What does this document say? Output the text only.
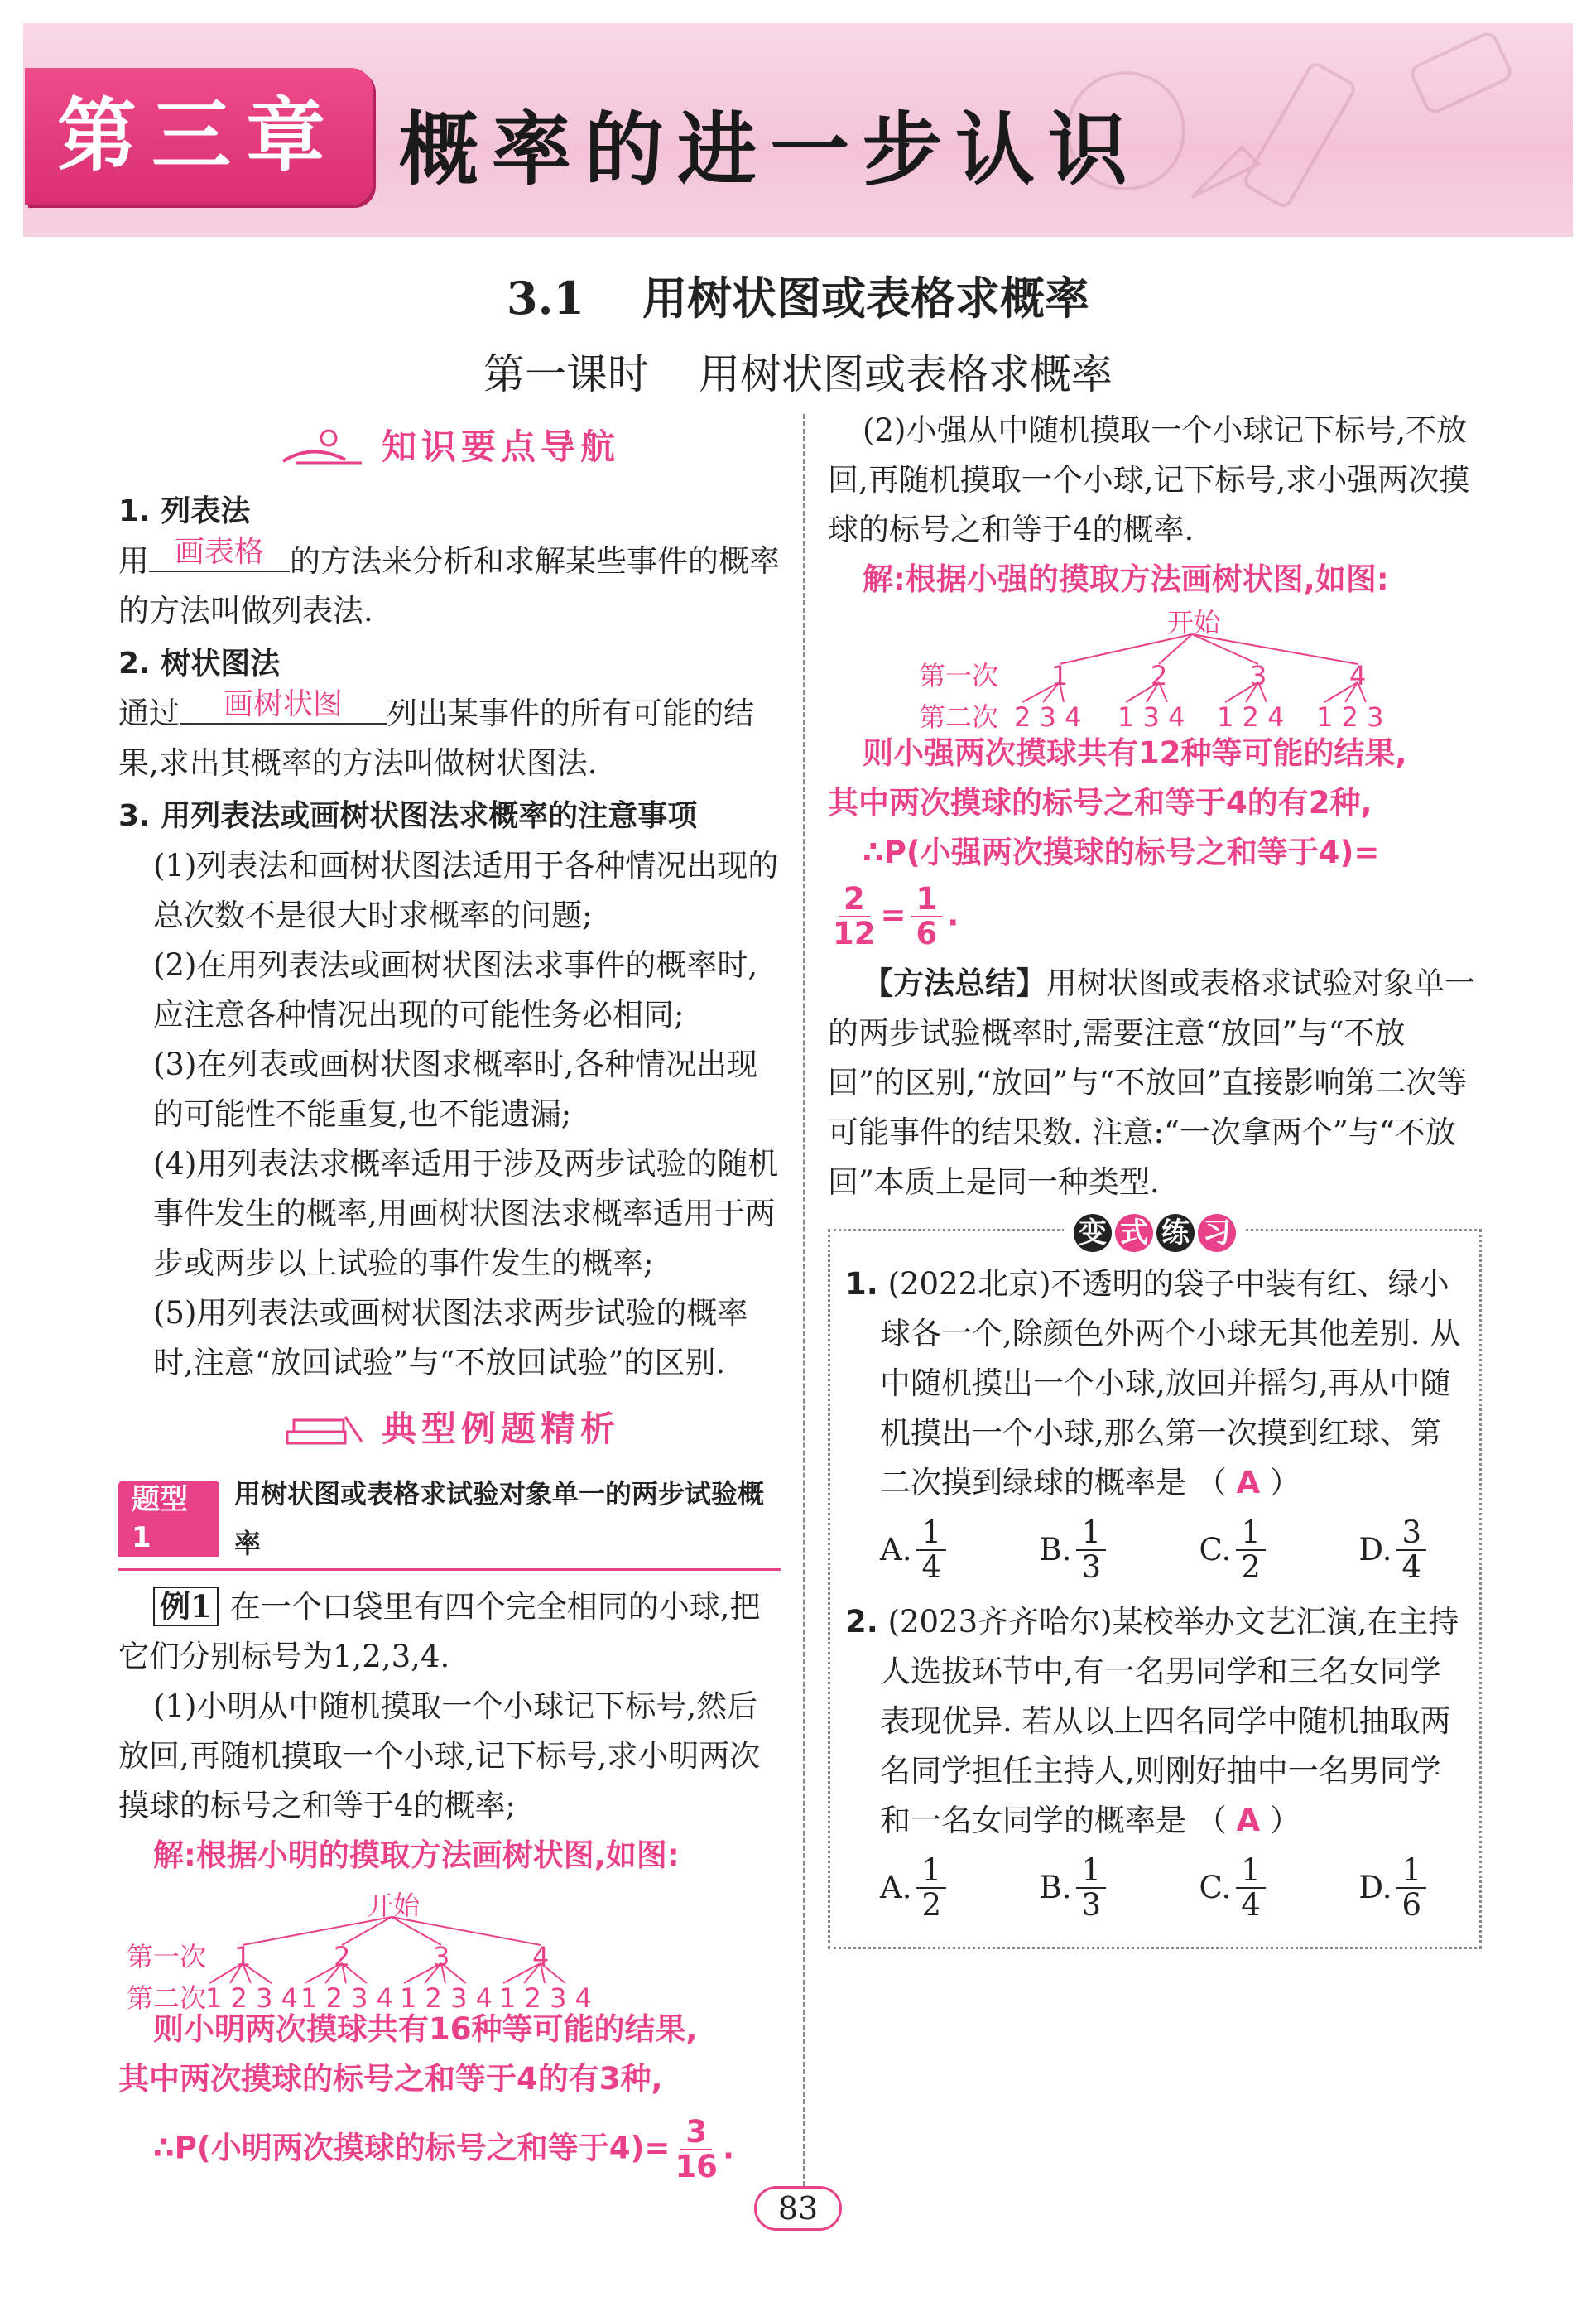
第三章 概率的进一步认识
3.1 用树状图或表格求概率
第一课时 用树状图或表格求概率
知识要点导航
1. 列表法
用 画表格 的方法来分析和求解某些事件的概率的方法叫做列表法.
2. 树状图法
通过 画树状图 列出某事件的所有可能的结果,求出其概率的方法叫做树状图法.
3. 用列表法或画树状图法求概率的注意事项
(1)列表法和画树状图法适用于各种情况出现的总次数不是很大时求概率的问题;
(2)在用列表法或画树状图法求事件的概率时,应注意各种情况出现的可能性务必相同;
(3)在列表或画树状图求概率时,各种情况出现的可能性不能重复,也不能遗漏;
(4)用列表法求概率适用于涉及两步试验的随机事件发生的概率,用画树状图法求概率适用于两步或两步以上试验的事件发生的概率;
(5)用列表法或画树状图法求两步试验的概率时,注意“放回试验”与“不放回试验”的区别.
典型例题精析
题型1
用树状图或表格求试验对象单一的两步试验概率
例1 在一个口袋里有四个完全相同的小球,把它们分别标号为1,2,3,4.
(1)小明从中随机摸取一个小球记下标号,然后放回,再随机摸取一个小球,记下标号,求小明两次摸球的标号之和等于4的概率;
解:根据小明的摸取方法画树状图,如图:
开始
第一次 1	2	3	4
第二次
1 2 3 4 1 2 3 4 1 2 3 4 1 2 3 4
则小明两次摸球共有16种等可能的结果,
其中两次摸球的标号之和等于4的有3种,
∴P(小明两次摸球的标号之和等于$4)= \frac{3}{16}$ .
(2)小强从中随机摸取一个小球记下标号,不放回,再随机摸取一个小球,记下标号,求小强两次摸球的标号之和等于4的概率.
解:根据小强的摸取方法画树状图,如图:
开始
第一次 1	2	3	4
第二次 2 3 4 1 3 4 1 2 4 1 2 3
则小强两次摸球共有12种等可能的结果,
其中两次摸球的标号之和等于4的有2种,
∴P(小强两次摸球的标号之和等于4)=
$\frac{2}{12} = \frac{1}{6}$ .
【方法总结】用树状图或表格求试验对象单一的两步试验概率时,需要注意“放回”与“不放回”的区别,“放回”与“不放回”直接影响第二次等可能事件的结果数. 注意:“一次拿两个”与“不放回”本质上是同一种类型.
变 式 练 习
1. (2022北京)不透明的袋子中装有红、绿小球各一个,除颜色外两个小球无其他差别. 从中随机摸出一个小球,放回并摇匀,再从中随机摸出一个小球,那么第一次摸到红球、第二次摸到绿球的概率是 （ A ）
A. $\frac{1}{4}$	B. $\frac{1}{3}$	C. $\frac{1}{2}$	D. $\frac{3}{4}$
2. (2023齐齐哈尔)某校举办文艺汇演,在主持人选拔环节中,有一名男同学和三名女同学表现优异. 若从以上四名同学中随机抽取两名同学担任主持人,则刚好抽中一名男同学和一名女同学的概率是 （ A ）
A. $\frac{1}{2}$	B. $\frac{1}{3}$	C. $\frac{1}{4}$	D. $\frac{1}{6}$
83
